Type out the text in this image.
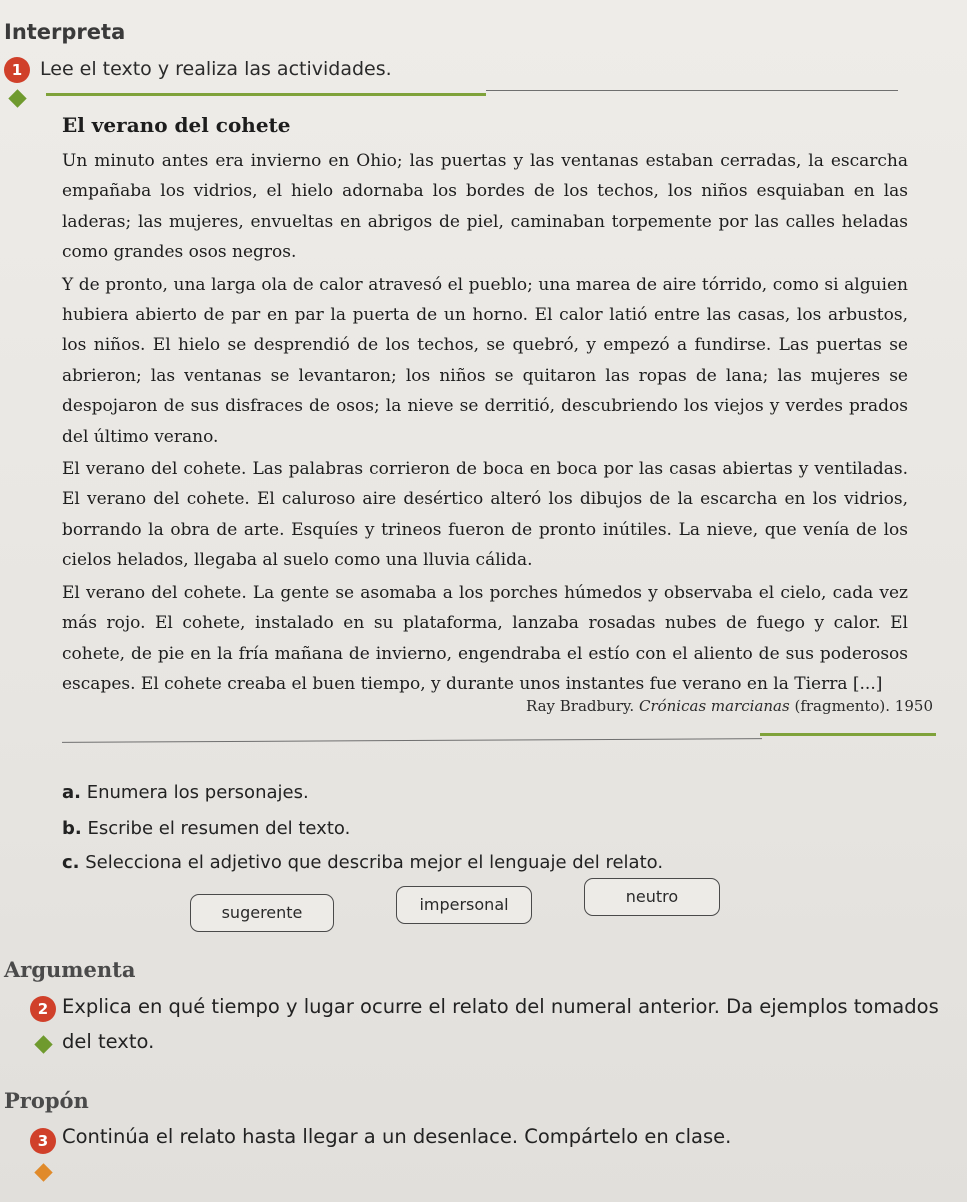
Interpreta
1 Lee el texto y realiza las actividades.
El verano del cohete

Un minuto antes era invierno en Ohio; las puertas y las ventanas estaban cerradas, la escarcha empañaba los vidrios, el hielo adornaba los bordes de los techos, los niños esquiaban en las laderas; las mujeres, envueltas en abrigos de piel, caminaban torpemente por las calles heladas como grandes osos negros.

Y de pronto, una larga ola de calor atravesó el pueblo; una marea de aire tórrido, como si alguien hubiera abierto de par en par la puerta de un horno. El calor latió entre las casas, los arbustos, los niños. El hielo se desprendió de los techos, se quebró, y empezó a fundirse. Las puertas se abrieron; las ventanas se levantaron; los niños se quitaron las ropas de lana; las mujeres se despojaron de sus disfraces de osos; la nieve se derritió, descubriendo los viejos y verdes prados del último verano.

El verano del cohete. Las palabras corrieron de boca en boca por las casas abiertas y ventiladas. El verano del cohete. El caluroso aire desértico alteró los dibujos de la escarcha en los vidrios, borrando la obra de arte. Esquíes y trineos fueron de pronto inútiles. La nieve, que venía de los cielos helados, llegaba al suelo como una lluvia cálida.

El verano del cohete. La gente se asomaba a los porches húmedos y observaba el cielo, cada vez más rojo. El cohete, instalado en su plataforma, lanzaba rosadas nubes de fuego y calor. El cohete, de pie en la fría mañana de invierno, engendraba el estío con el aliento de sus poderosos escapes. El cohete creaba el buen tiempo, y durante unos instantes fue verano en la Tierra [...]

Ray Bradbury. Crónicas marcianas (fragmento). 1950
a. Enumera los personajes.
b. Escribe el resumen del texto.
c. Selecciona el adjetivo que describa mejor el lenguaje del relato.
sugerente	impersonal	neutro
Argumenta
2 Explica en qué tiempo y lugar ocurre el relato del numeral anterior. Da ejemplos tomados
del texto.
Propón
3 Continúa el relato hasta llegar a un desenlace. Compártelo en clase.
